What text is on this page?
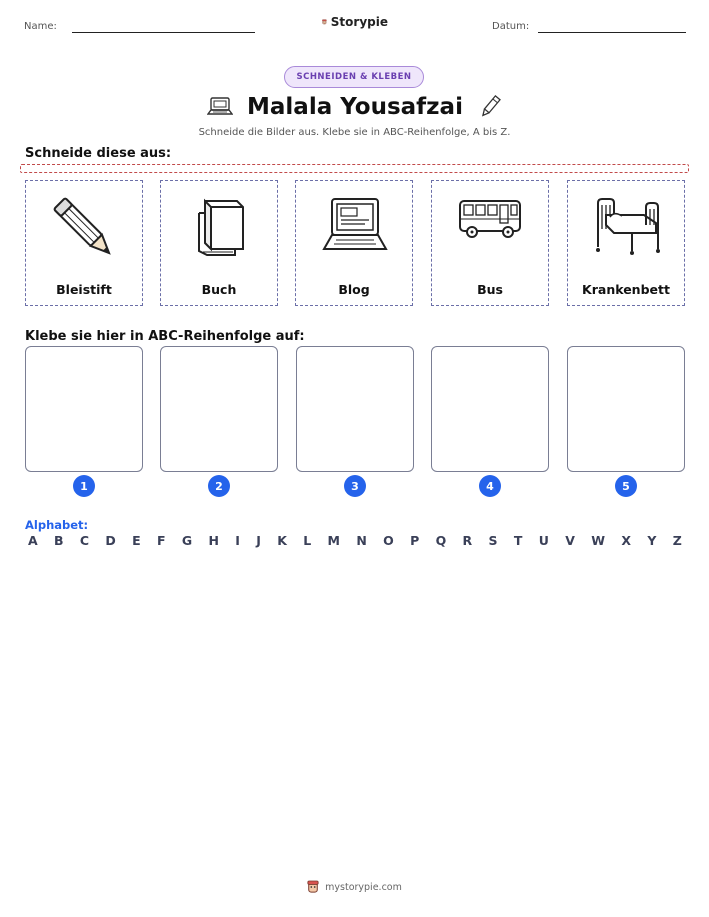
Name:	Storypie	Datum:
SCHNEIDEN & KLEBEN
Malala Yousafzai
Schneide die Bilder aus. Klebe sie in ABC-Reihenfolge, A bis Z.
Schneide diese aus:
Bleistift	Buch	Blog	Bus	Krankenbett
Klebe sie hier in ABC-Reihenfolge auf:
1	2	3	4	5
Alphabet:
A B C D E F G H I J K L M N O P Q R S T U V W X Y Z
mystorypie.com
